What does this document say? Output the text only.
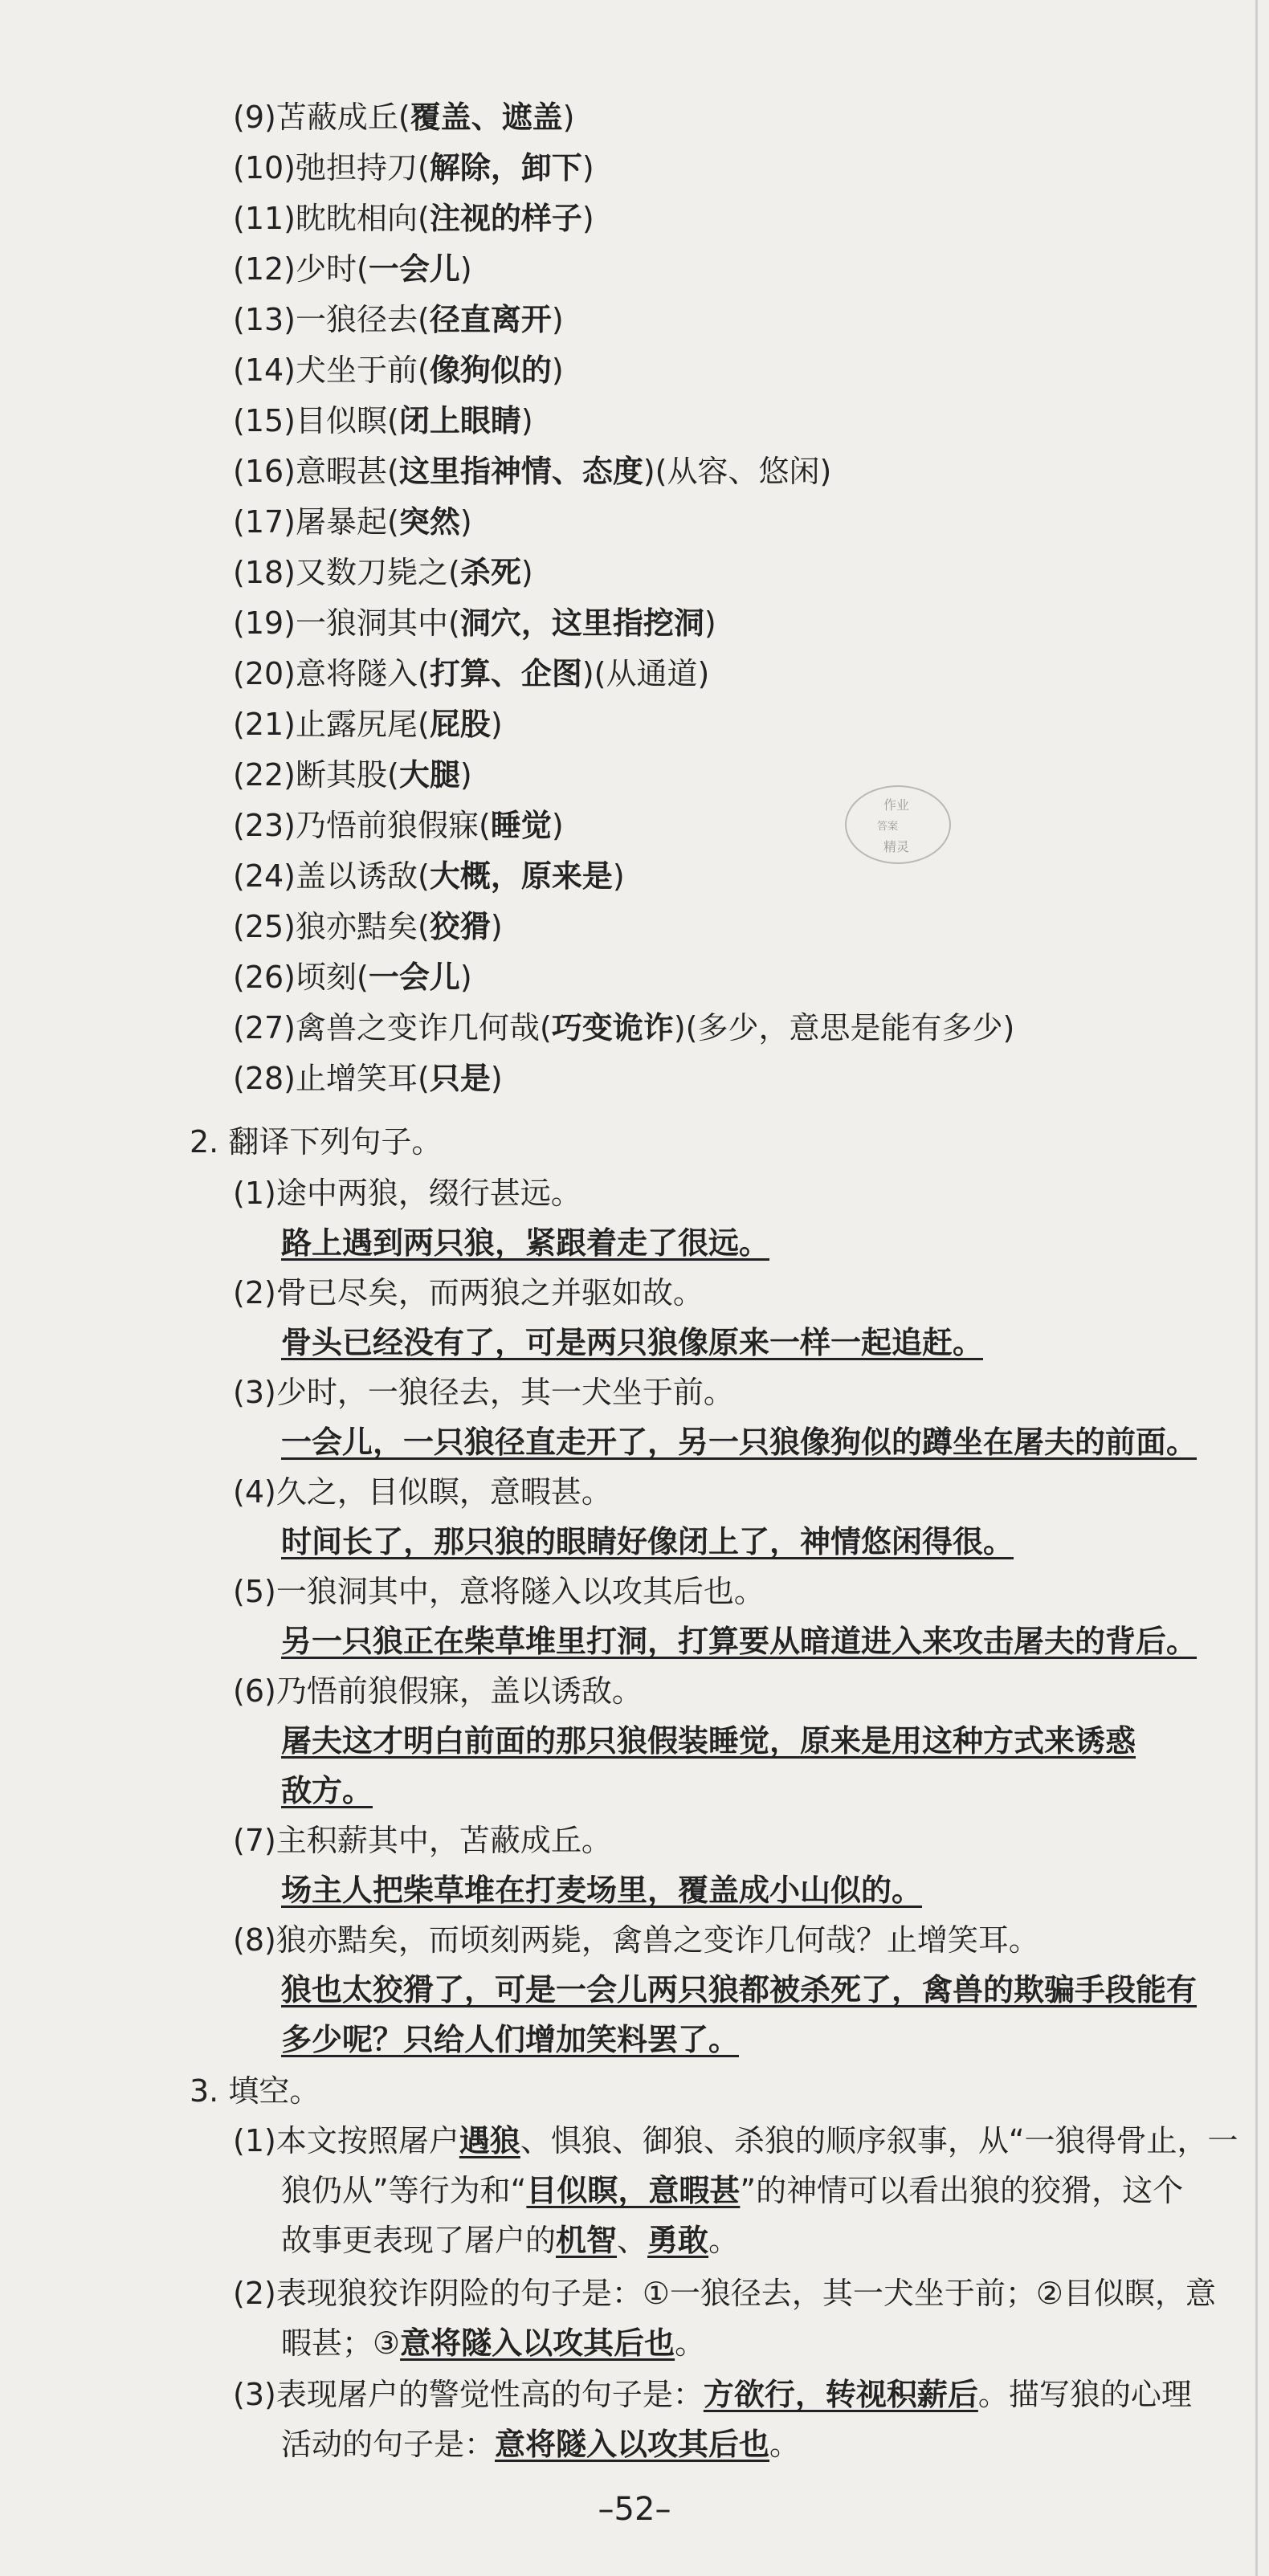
(9)苫蔽成丘(覆盖、遮盖)
(10)弛担持刀(解除，卸下)
(11)眈眈相向(注视的样子)
(12)少时(一会儿)
(13)一狼径去(径直离开)
(14)犬坐于前(像狗似的)
(15)目似瞑(闭上眼睛)
(16)意暇甚(这里指神情、态度)(从容、悠闲)
(17)屠暴起(突然)
(18)又数刀毙之(杀死)
(19)一狼洞其中(洞穴，这里指挖洞)
(20)意将隧入(打算、企图)(从通道)
(21)止露尻尾(屁股)
(22)断其股(大腿)
(23)乃悟前狼假寐(睡觉)
(24)盖以诱敌(大概，原来是)
(25)狼亦黠矣(狡猾)
(26)顷刻(一会儿)
(27)禽兽之变诈几何哉(巧变诡诈)(多少，意思是能有多少)
(28)止增笑耳(只是)
2. 翻译下列句子。
(1)途中两狼，缀行甚远。
路上遇到两只狼，紧跟着走了很远。
(2)骨已尽矣，而两狼之并驱如故。
骨头已经没有了，可是两只狼像原来一样一起追赶。
(3)少时，一狼径去，其一犬坐于前。
一会儿，一只狼径直走开了，另一只狼像狗似的蹲坐在屠夫的前面。
(4)久之，目似瞑，意暇甚。
时间长了，那只狼的眼睛好像闭上了，神情悠闲得很。
(5)一狼洞其中，意将隧入以攻其后也。
另一只狼正在柴草堆里打洞，打算要从暗道进入来攻击屠夫的背后。
(6)乃悟前狼假寐，盖以诱敌。
屠夫这才明白前面的那只狼假装睡觉，原来是用这种方式来诱惑
敌方。
(7)主积薪其中，苫蔽成丘。
场主人把柴草堆在打麦场里，覆盖成小山似的。
(8)狼亦黠矣，而顷刻两毙，禽兽之变诈几何哉？止增笑耳。
狼也太狡猾了，可是一会儿两只狼都被杀死了，禽兽的欺骗手段能有
多少呢？只给人们增加笑料罢了。
3. 填空。
(1)本文按照屠户遇狼、惧狼、御狼、杀狼的顺序叙事，从“一狼得骨止，一
狼仍从”等行为和“目似瞑，意暇甚”的神情可以看出狼的狡猾，这个
故事更表现了屠户的机智、勇敢。
(2)表现狼狡诈阴险的句子是：①一狼径去，其一犬坐于前；②目似瞑，意
暇甚；③意将隧入以攻其后也。
(3)表现屠户的警觉性高的句子是：方欲行，转视积薪后。描写狼的心理
活动的句子是：意将隧入以攻其后也。
作业
答案
精灵
–52–
